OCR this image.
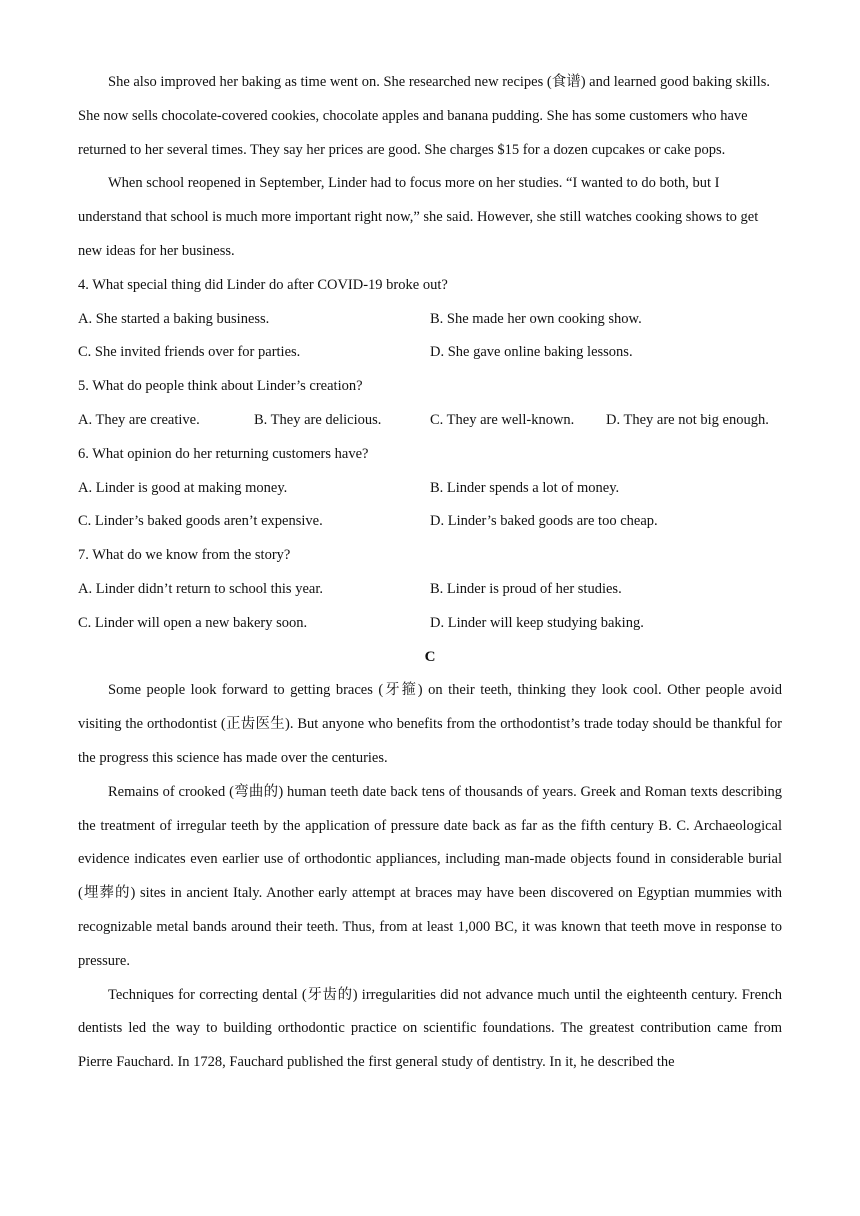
She also improved her baking as time went on. She researched new recipes (食谱) and learned good baking skills. She now sells chocolate-covered cookies, chocolate apples and banana pudding. She has some customers who have returned to her several times. They say her prices are good. She charges $15 for a dozen cupcakes or cake pops.

When school reopened in September, Linder had to focus more on her studies. “I wanted to do both, but I understand that school is much more important right now,” she said. However, she still watches cooking shows to get new ideas for her business.

4. What special thing did Linder do after COVID-19 broke out?

A. She started a baking business.	B. She made her own cooking show.
C. She invited friends over for parties.	D. She gave online baking lessons.

5. What do people think about Linder’s creation?

A. They are creative.	B. They are delicious.	C. They are well-known.	D. They are not big enough.

6. What opinion do her returning customers have?

A. Linder is good at making money.	B. Linder spends a lot of money.
C. Linder’s baked goods aren’t expensive.	D. Linder’s baked goods are too cheap.

7. What do we know from the story?

A. Linder didn’t return to school this year.	B. Linder is proud of her studies.
C. Linder will open a new bakery soon.	D. Linder will keep studying baking.

C

Some people look forward to getting braces (牙箍) on their teeth, thinking they look cool. Other people avoid visiting the orthodontist (正齿医生). But anyone who benefits from the orthodontist’s trade today should be thankful for the progress this science has made over the centuries.

Remains of crooked (弯曲的) human teeth date back tens of thousands of years. Greek and Roman texts describing the treatment of irregular teeth by the application of pressure date back as far as the fifth century B. C. Archaeological evidence indicates even earlier use of orthodontic appliances, including man-made objects found in considerable burial (埋葬的) sites in ancient Italy. Another early attempt at braces may have been discovered on Egyptian mummies with recognizable metal bands around their teeth. Thus, from at least 1,000 BC, it was known that teeth move in response to pressure.

Techniques for correcting dental (牙齿的) irregularities did not advance much until the eighteenth century. French dentists led the way to building orthodontic practice on scientific foundations. The greatest contribution came from Pierre Fauchard. In 1728, Fauchard published the first general study of dentistry. In it, he described the
